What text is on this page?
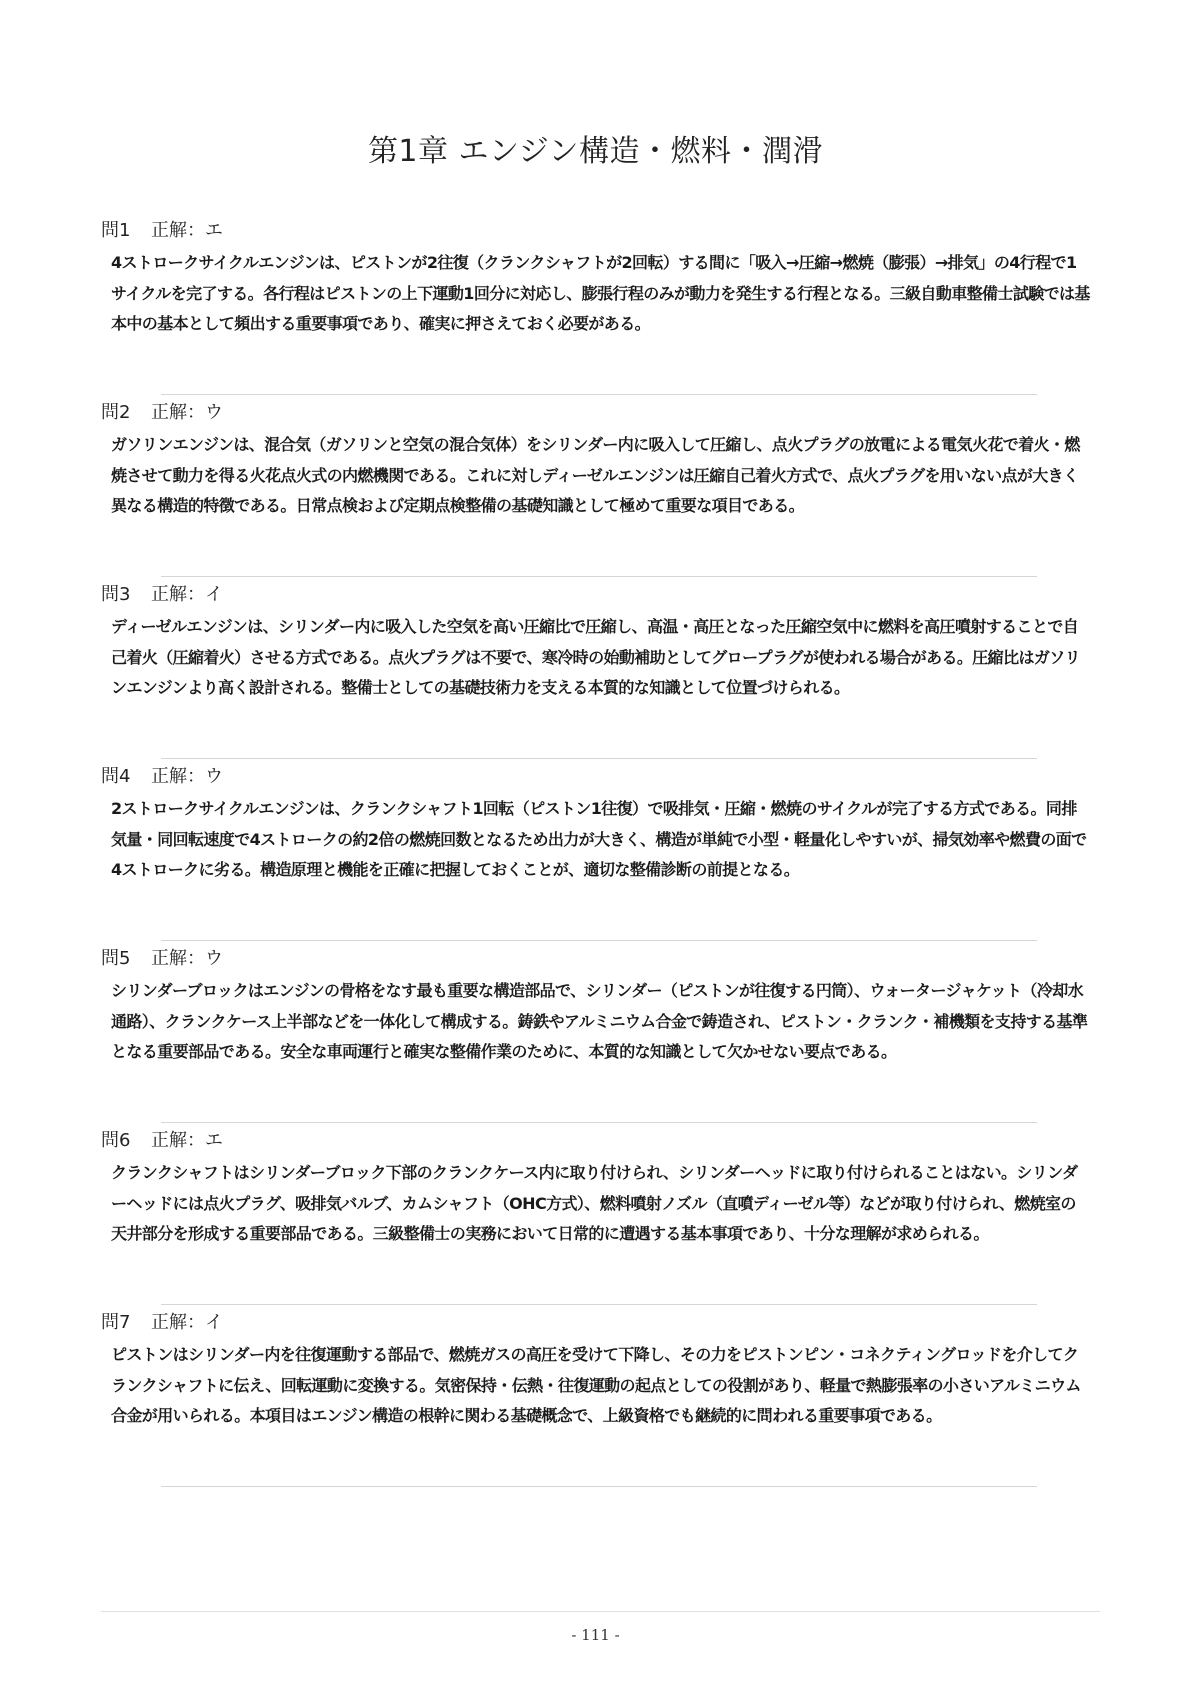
第1章 エンジン構造・燃料・潤滑
問1 正解：エ

4ストロークサイクルエンジンは、ピストンが2往復（クランクシャフトが2回転）する間に「吸入→圧縮→燃焼（膨張）→排気」の4行程で1サイクルを完了する。各行程はピストンの上下運動1回分に対応し、膨張行程のみが動力を発生する行程となる。三級自動車整備士試験では基本中の基本として頻出する重要事項であり、確実に押さえておく必要がある。

問2 正解：ウ

ガソリンエンジンは、混合気（ガソリンと空気の混合気体）をシリンダー内に吸入して圧縮し、点火プラグの放電による電気火花で着火・燃焼させて動力を得る火花点火式の内燃機関である。これに対しディーゼルエンジンは圧縮自己着火方式で、点火プラグを用いない点が大きく異なる構造的特徴である。日常点検および定期点検整備の基礎知識として極めて重要な項目である。

問3 正解：イ

ディーゼルエンジンは、シリンダー内に吸入した空気を高い圧縮比で圧縮し、高温・高圧となった圧縮空気中に燃料を高圧噴射することで自己着火（圧縮着火）させる方式である。点火プラグは不要で、寒冷時の始動補助としてグロープラグが使われる場合がある。圧縮比はガソリンエンジンより高く設計される。整備士としての基礎技術力を支える本質的な知識として位置づけられる。

問4 正解：ウ

2ストロークサイクルエンジンは、クランクシャフト1回転（ピストン1往復）で吸排気・圧縮・燃焼のサイクルが完了する方式である。同排気量・同回転速度で4ストロークの約2倍の燃焼回数となるため出力が大きく、構造が単純で小型・軽量化しやすいが、掃気効率や燃費の面で4ストロークに劣る。構造原理と機能を正確に把握しておくことが、適切な整備診断の前提となる。

問5 正解：ウ

シリンダーブロックはエンジンの骨格をなす最も重要な構造部品で、シリンダー（ピストンが往復する円筒）、ウォータージャケット（冷却水通路）、クランクケース上半部などを一体化して構成する。鋳鉄やアルミニウム合金で鋳造され、ピストン・クランク・補機類を支持する基準となる重要部品である。安全な車両運行と確実な整備作業のために、本質的な知識として欠かせない要点である。

問6 正解：エ

クランクシャフトはシリンダーブロック下部のクランクケース内に取り付けられ、シリンダーヘッドに取り付けられることはない。シリンダーヘッドには点火プラグ、吸排気バルブ、カムシャフト（OHC方式）、燃料噴射ノズル（直噴ディーゼル等）などが取り付けられ、燃焼室の天井部分を形成する重要部品である。三級整備士の実務において日常的に遭遇する基本事項であり、十分な理解が求められる。

問7 正解：イ

ピストンはシリンダー内を往復運動する部品で、燃焼ガスの高圧を受けて下降し、その力をピストンピン・コネクティングロッドを介してクランクシャフトに伝え、回転運動に変換する。気密保持・伝熱・往復運動の起点としての役割があり、軽量で熱膨張率の小さいアルミニウム合金が用いられる。本項目はエンジン構造の根幹に関わる基礎概念で、上級資格でも継続的に問われる重要事項である。

- 111 -
